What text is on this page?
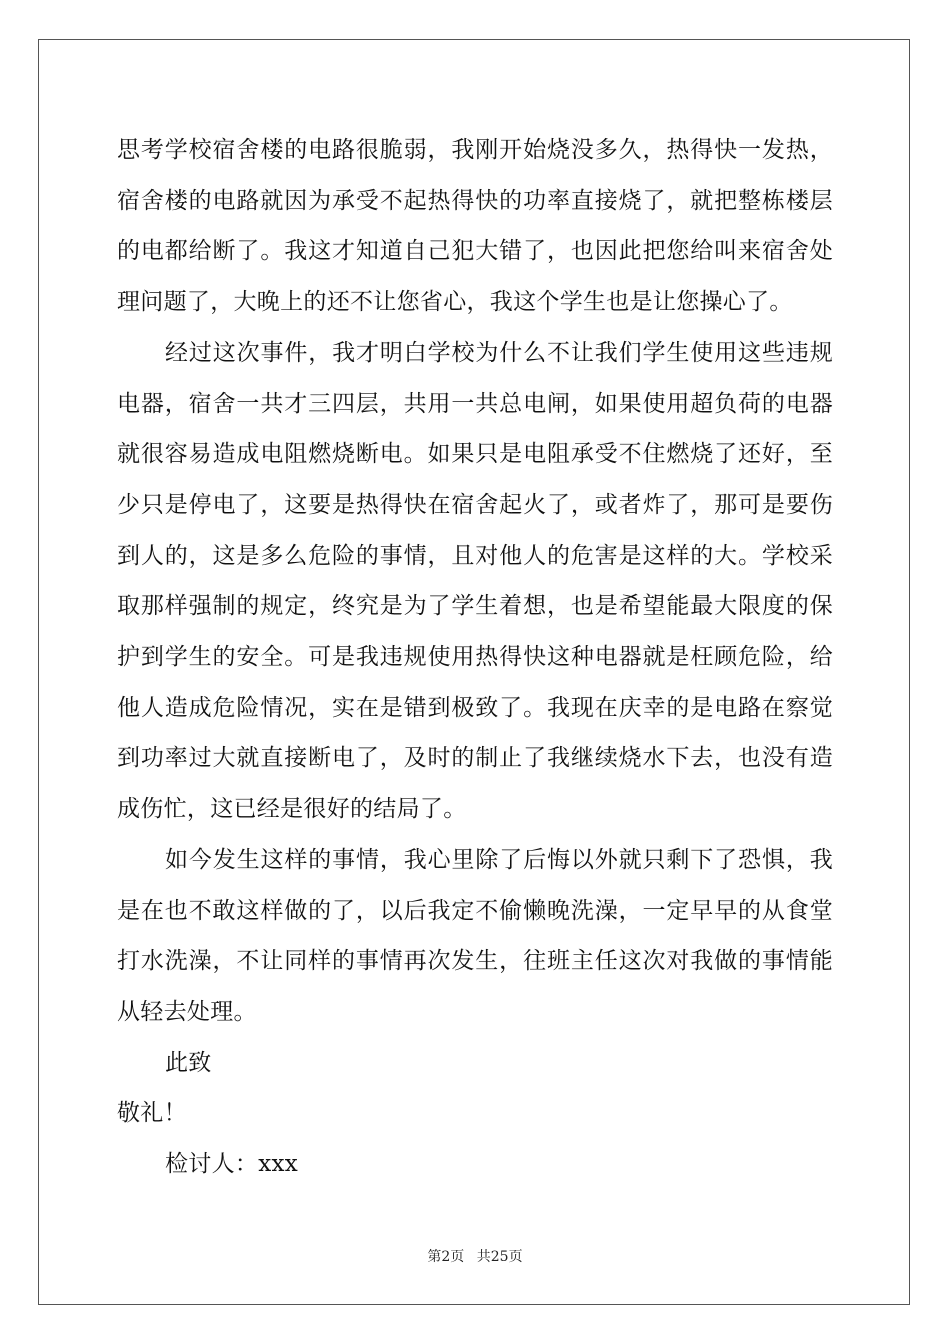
思考学校宿舍楼的电路很脆弱，我刚开始烧没多久，热得快一发热，宿舍楼的电路就因为承受不起热得快的功率直接烧了，就把整栋楼层的电都给断了。我这才知道自己犯大错了，也因此把您给叫来宿舍处理问题了，大晚上的还不让您省心，我这个学生也是让您操心了。

经过这次事件，我才明白学校为什么不让我们学生使用这些违规电器，宿舍一共才三四层，共用一共总电闸，如果使用超负荷的电器就很容易造成电阻燃烧断电。如果只是电阻承受不住燃烧了还好，至少只是停电了，这要是热得快在宿舍起火了，或者炸了，那可是要伤到人的，这是多么危险的事情，且对他人的危害是这样的大。学校采取那样强制的规定，终究是为了学生着想，也是希望能最大限度的保护到学生的安全。可是我违规使用热得快这种电器就是枉顾危险，给他人造成危险情况，实在是错到极致了。我现在庆幸的是电路在察觉到功率过大就直接断电了，及时的制止了我继续烧水下去，也没有造成伤忙，这已经是很好的结局了。

如今发生这样的事情，我心里除了后悔以外就只剩下了恐惧，我是在也不敢这样做的了，以后我定不偷懒晚洗澡，一定早早的从食堂打水洗澡，不让同样的事情再次发生，往班主任这次对我做的事情能从轻去处理。

此致

敬礼！

检讨人：xxx

第2页 共25页
